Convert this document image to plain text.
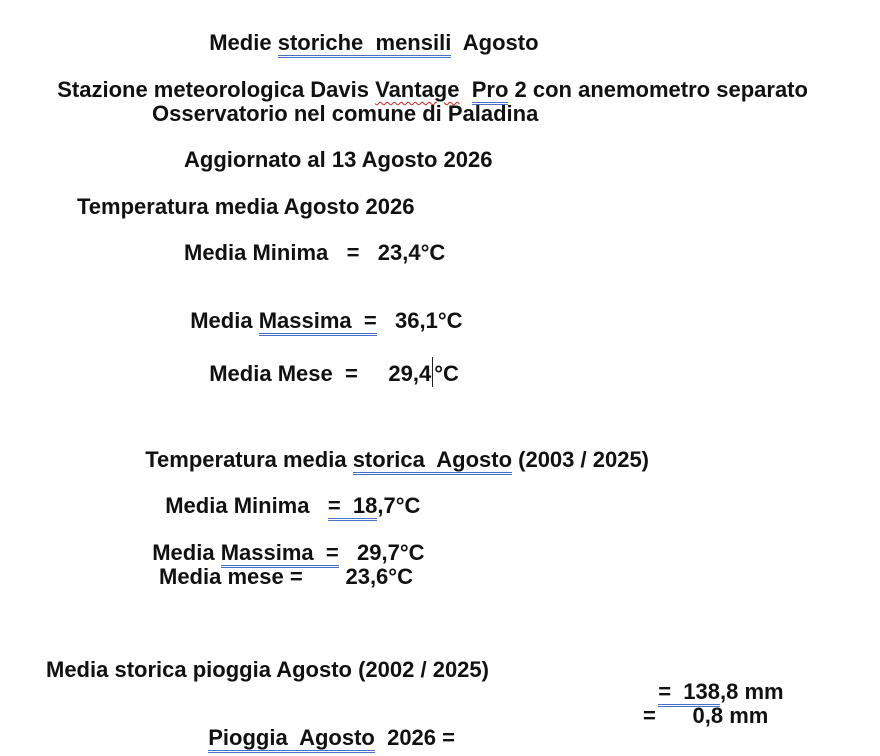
Medie storiche  mensili  Agosto

Stazione meteorologica Davis Vantage Pro 2 con anemometro separato

Osservatorio nel comune di Paladina
Aggiornato al 13 Agosto 2026
Temperatura media Agosto 2026
Media Minima   =   23,4°C

Media Massima  =   36,1°C

Media Mese  =     29,4 °C

Temperatura media storica  Agosto (2003 / 2025)

Media Minima   =  18,7°C

Media Massima  =   29,7°C

Media mese =       23,6°C
Media storica pioggia Agosto (2002 / 2025)

=  138,8 mm

Pioggia  Agosto  2026 =

=      0,8 mm
